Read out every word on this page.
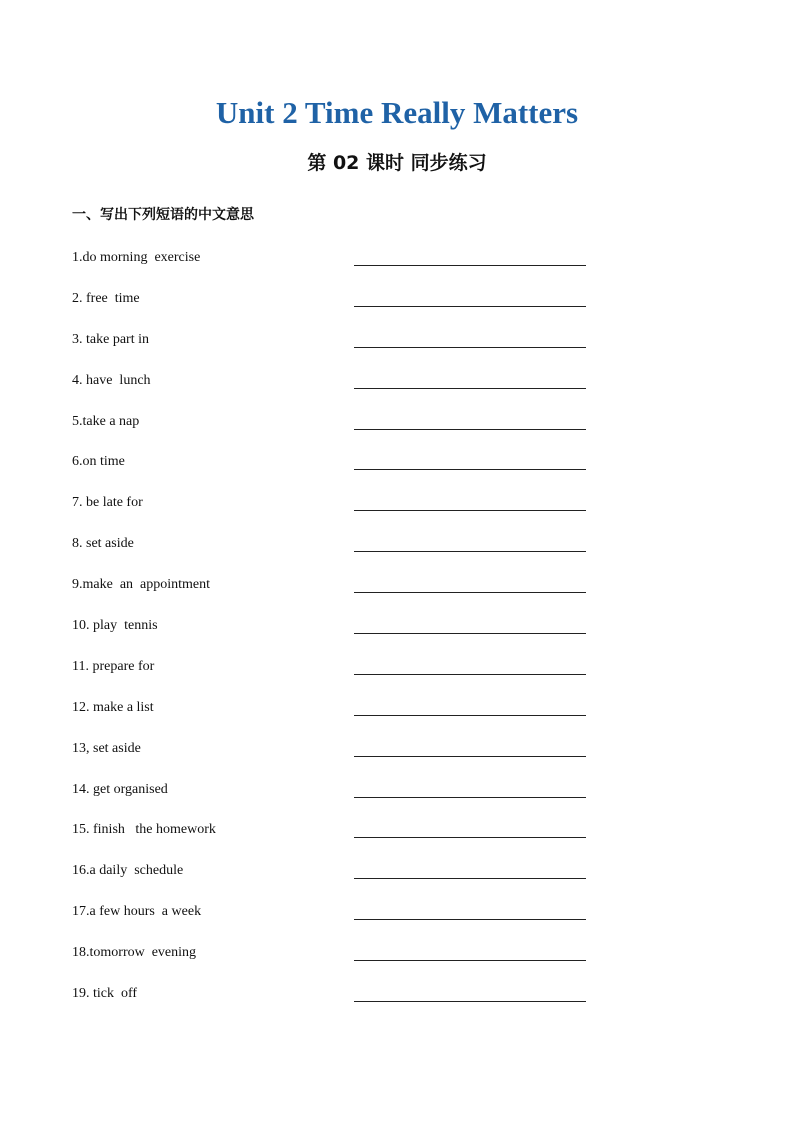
Unit 2 Time Really Matters
第 02 课时 同步练习
一、写出下列短语的中文意思
1.do morning  exercise
2. free  time
3. take part in
4. have  lunch
5.take a nap
6.on time
7. be late for
8. set aside
9.make  an  appointment
10. play  tennis
11. prepare for
12. make a list
13, set aside
14. get organised
15. finish   the homework
16.a daily  schedule
17.a few hours  a week
18.tomorrow  evening
19. tick  off
